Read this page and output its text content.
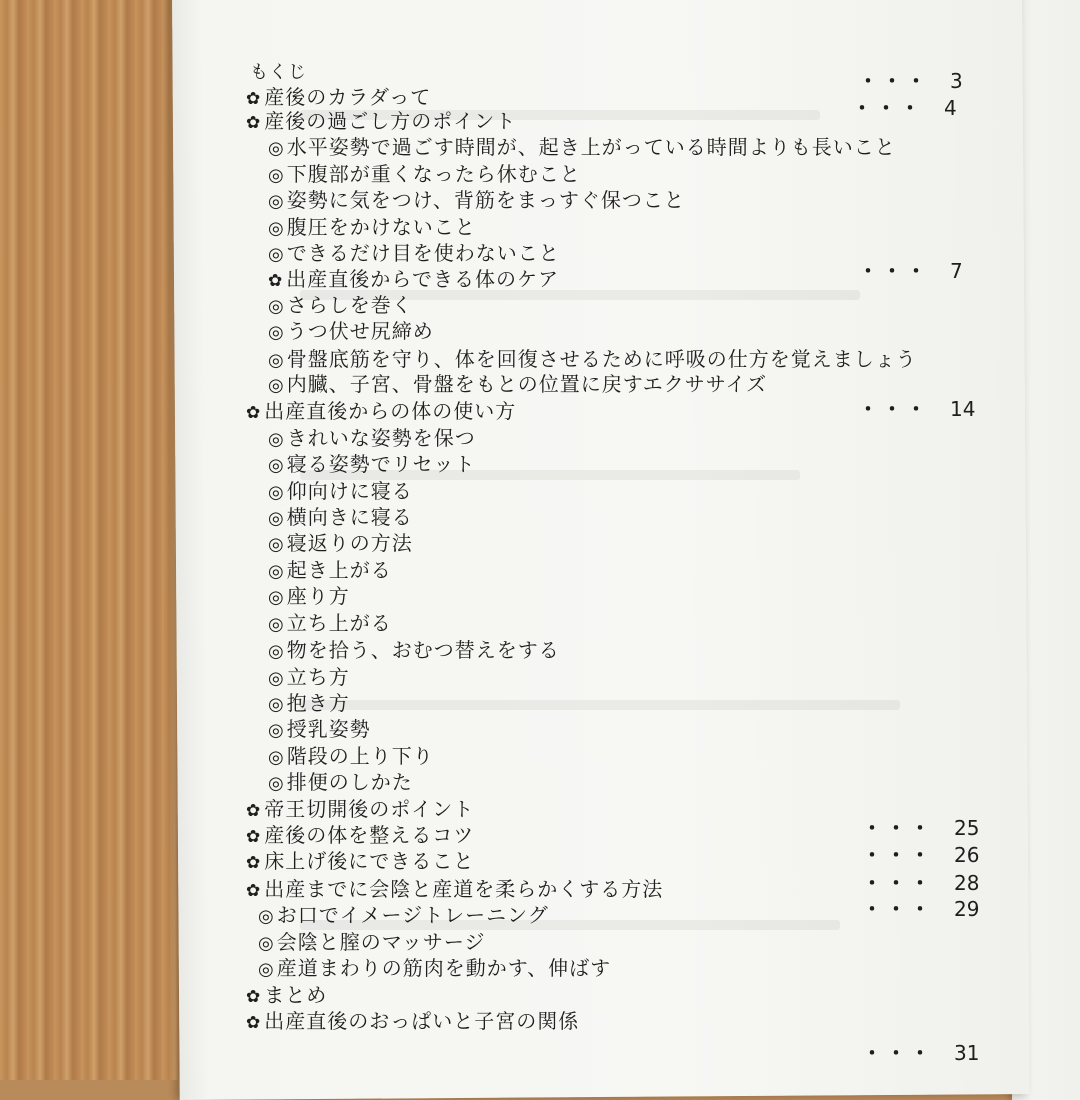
もくじ
✿ 産後のカラダって
✿ 産後の過ごし方のポイント
◎ 水平姿勢で過ごす時間が、起き上がっている時間よりも長いこと
◎ 下腹部が重くなったら休むこと
◎ 姿勢に気をつけ、背筋をまっすぐ保つこと
◎ 腹圧をかけないこと
◎ できるだけ目を使わないこと
✿ 出産直後からできる体のケア
◎ さらしを巻く
◎ うつ伏せ尻締め
◎ 骨盤底筋を守り、体を回復させるために呼吸の仕方を覚えましょう
◎ 内臓、子宮、骨盤をもとの位置に戻すエクササイズ
✿ 出産直後からの体の使い方
◎ きれいな姿勢を保つ
◎ 寝る姿勢でリセット
◎ 仰向けに寝る
◎ 横向きに寝る
◎ 寝返りの方法
◎ 起き上がる
◎ 座り方
◎ 立ち上がる
◎ 物を拾う、おむつ替えをする
◎ 立ち方
◎ 抱き方
◎ 授乳姿勢
◎ 階段の上り下り
◎ 排便のしかた
✿ 帝王切開後のポイント
✿ 産後の体を整えるコツ
✿ 床上げ後にできること
✿ 出産までに会陰と産道を柔らかくする方法
◎ お口でイメージトレーニング
◎ 会陰と膣のマッサージ
◎ 産道まわりの筋肉を動かす、伸ばす
✿ まとめ
✿ 出産直後のおっぱいと子宮の関係
・・・ 3
・・・ 4
・・・ 7
・・・ 14
・・・ 25
・・・ 26
・・・ 28
・・・ 29
・・・ 31
